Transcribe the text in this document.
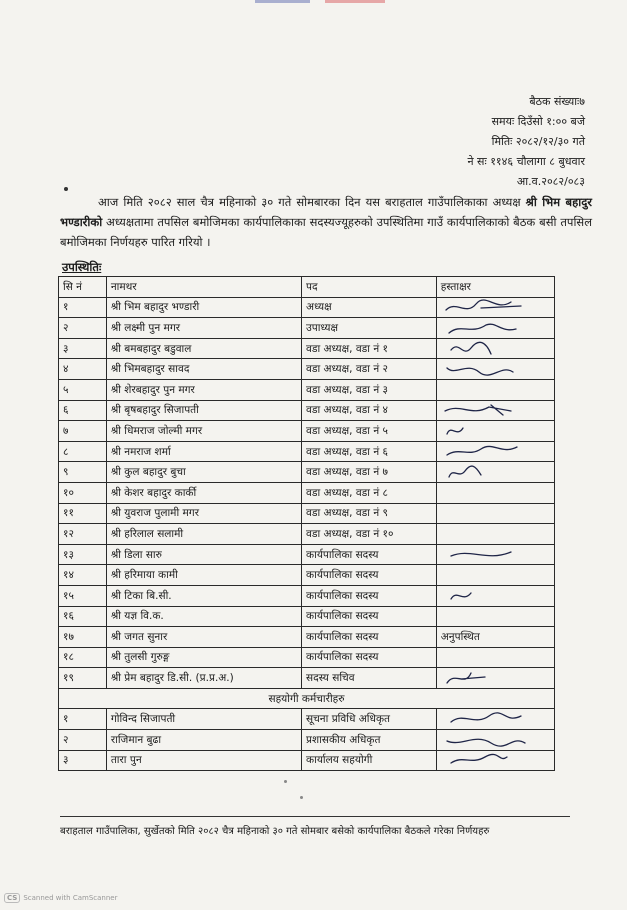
बैठक संख्याः७
समयः दिउँसो १:०० बजे
मितिः २०८२/१२/३० गते
ने सः ११४६ चौलागा ८ बुधवार
आ.व.२०८२/०८३
आज मिति २०८२ साल चैत्र महिनाको ३० गते सोमबारका दिन यस बराहताल गाउँपालिकाका अध्यक्ष श्री भिम बहादुर भण्डारीको अध्यक्षतामा तपसिल बमोजिमका कार्यपालिकाका सदस्यज्यूहरुको उपस्थितिमा गाउँ कार्यपालिकाको बैठक बसी तपसिल बमोजिमका निर्णयहरु पारित गरियो ।
उपस्थितिः
सि नं	नामथर	पद	हस्ताक्षर
१	श्री भिम बहादुर भण्डारी	अध्यक्ष	

२	श्री लक्ष्मी पुन मगर	उपाध्यक्ष	

३	श्री बमबहादुर बडुवाल	वडा अध्यक्ष, वडा नं १	

४	श्री भिमबहादुर सावद	वडा अध्यक्ष, वडा नं २	

५	श्री शेरबहादुर पुन मगर	वडा अध्यक्ष, वडा नं ३	
६	श्री बृषबहादुर सिजापती	वडा अध्यक्ष, वडा नं ४	

७	श्री धिमराज जोल्मी मगर	वडा अध्यक्ष, वडा नं ५	

८	श्री नमराज शर्मा	वडा अध्यक्ष, वडा नं ६	

९	श्री कुल बहादुर बुचा	वडा अध्यक्ष, वडा नं ७	

१०	श्री केशर बहादुर कार्की	वडा अध्यक्ष, वडा नं ८	
११	श्री युवराज पुलामी मगर	वडा अध्यक्ष, वडा नं ९	
१२	श्री हरिलाल सलामी	वडा अध्यक्ष, वडा नं १०	
१३	श्री डिला सारु	कार्यपालिका सदस्य	

१४	श्री हरिमाया कामी	कार्यपालिका सदस्य	
१५	श्री टिका बि.सी.	कार्यपालिका सदस्य	

१६	श्री यज्ञ वि.क.	कार्यपालिका सदस्य	
१७	श्री जगत सुनार	कार्यपालिका सदस्य	अनुपस्थित
१८	श्री तुलसी गुरुङ्ग	कार्यपालिका सदस्य	
१९	श्री प्रेम बहादुर डि.सी. (प्र.प्र.अ.)	सदस्य सचिव	

सहयोगी कर्मचारीहरु			
१	गोविन्द सिजापती	सूचना प्रविधि अधिकृत	

२	राजिमान बुढा	प्रशासकीय अधिकृत	

३	तारा पुन	कार्यालय सहयोगी	
बराहताल गाउँपालिका, सुर्खेतको मिति २०८२ चैत्र महिनाको ३० गते सोमबार बसेको कार्यपालिका बैठकले गरेका निर्णयहरु
CS Scanned with CamScanner
